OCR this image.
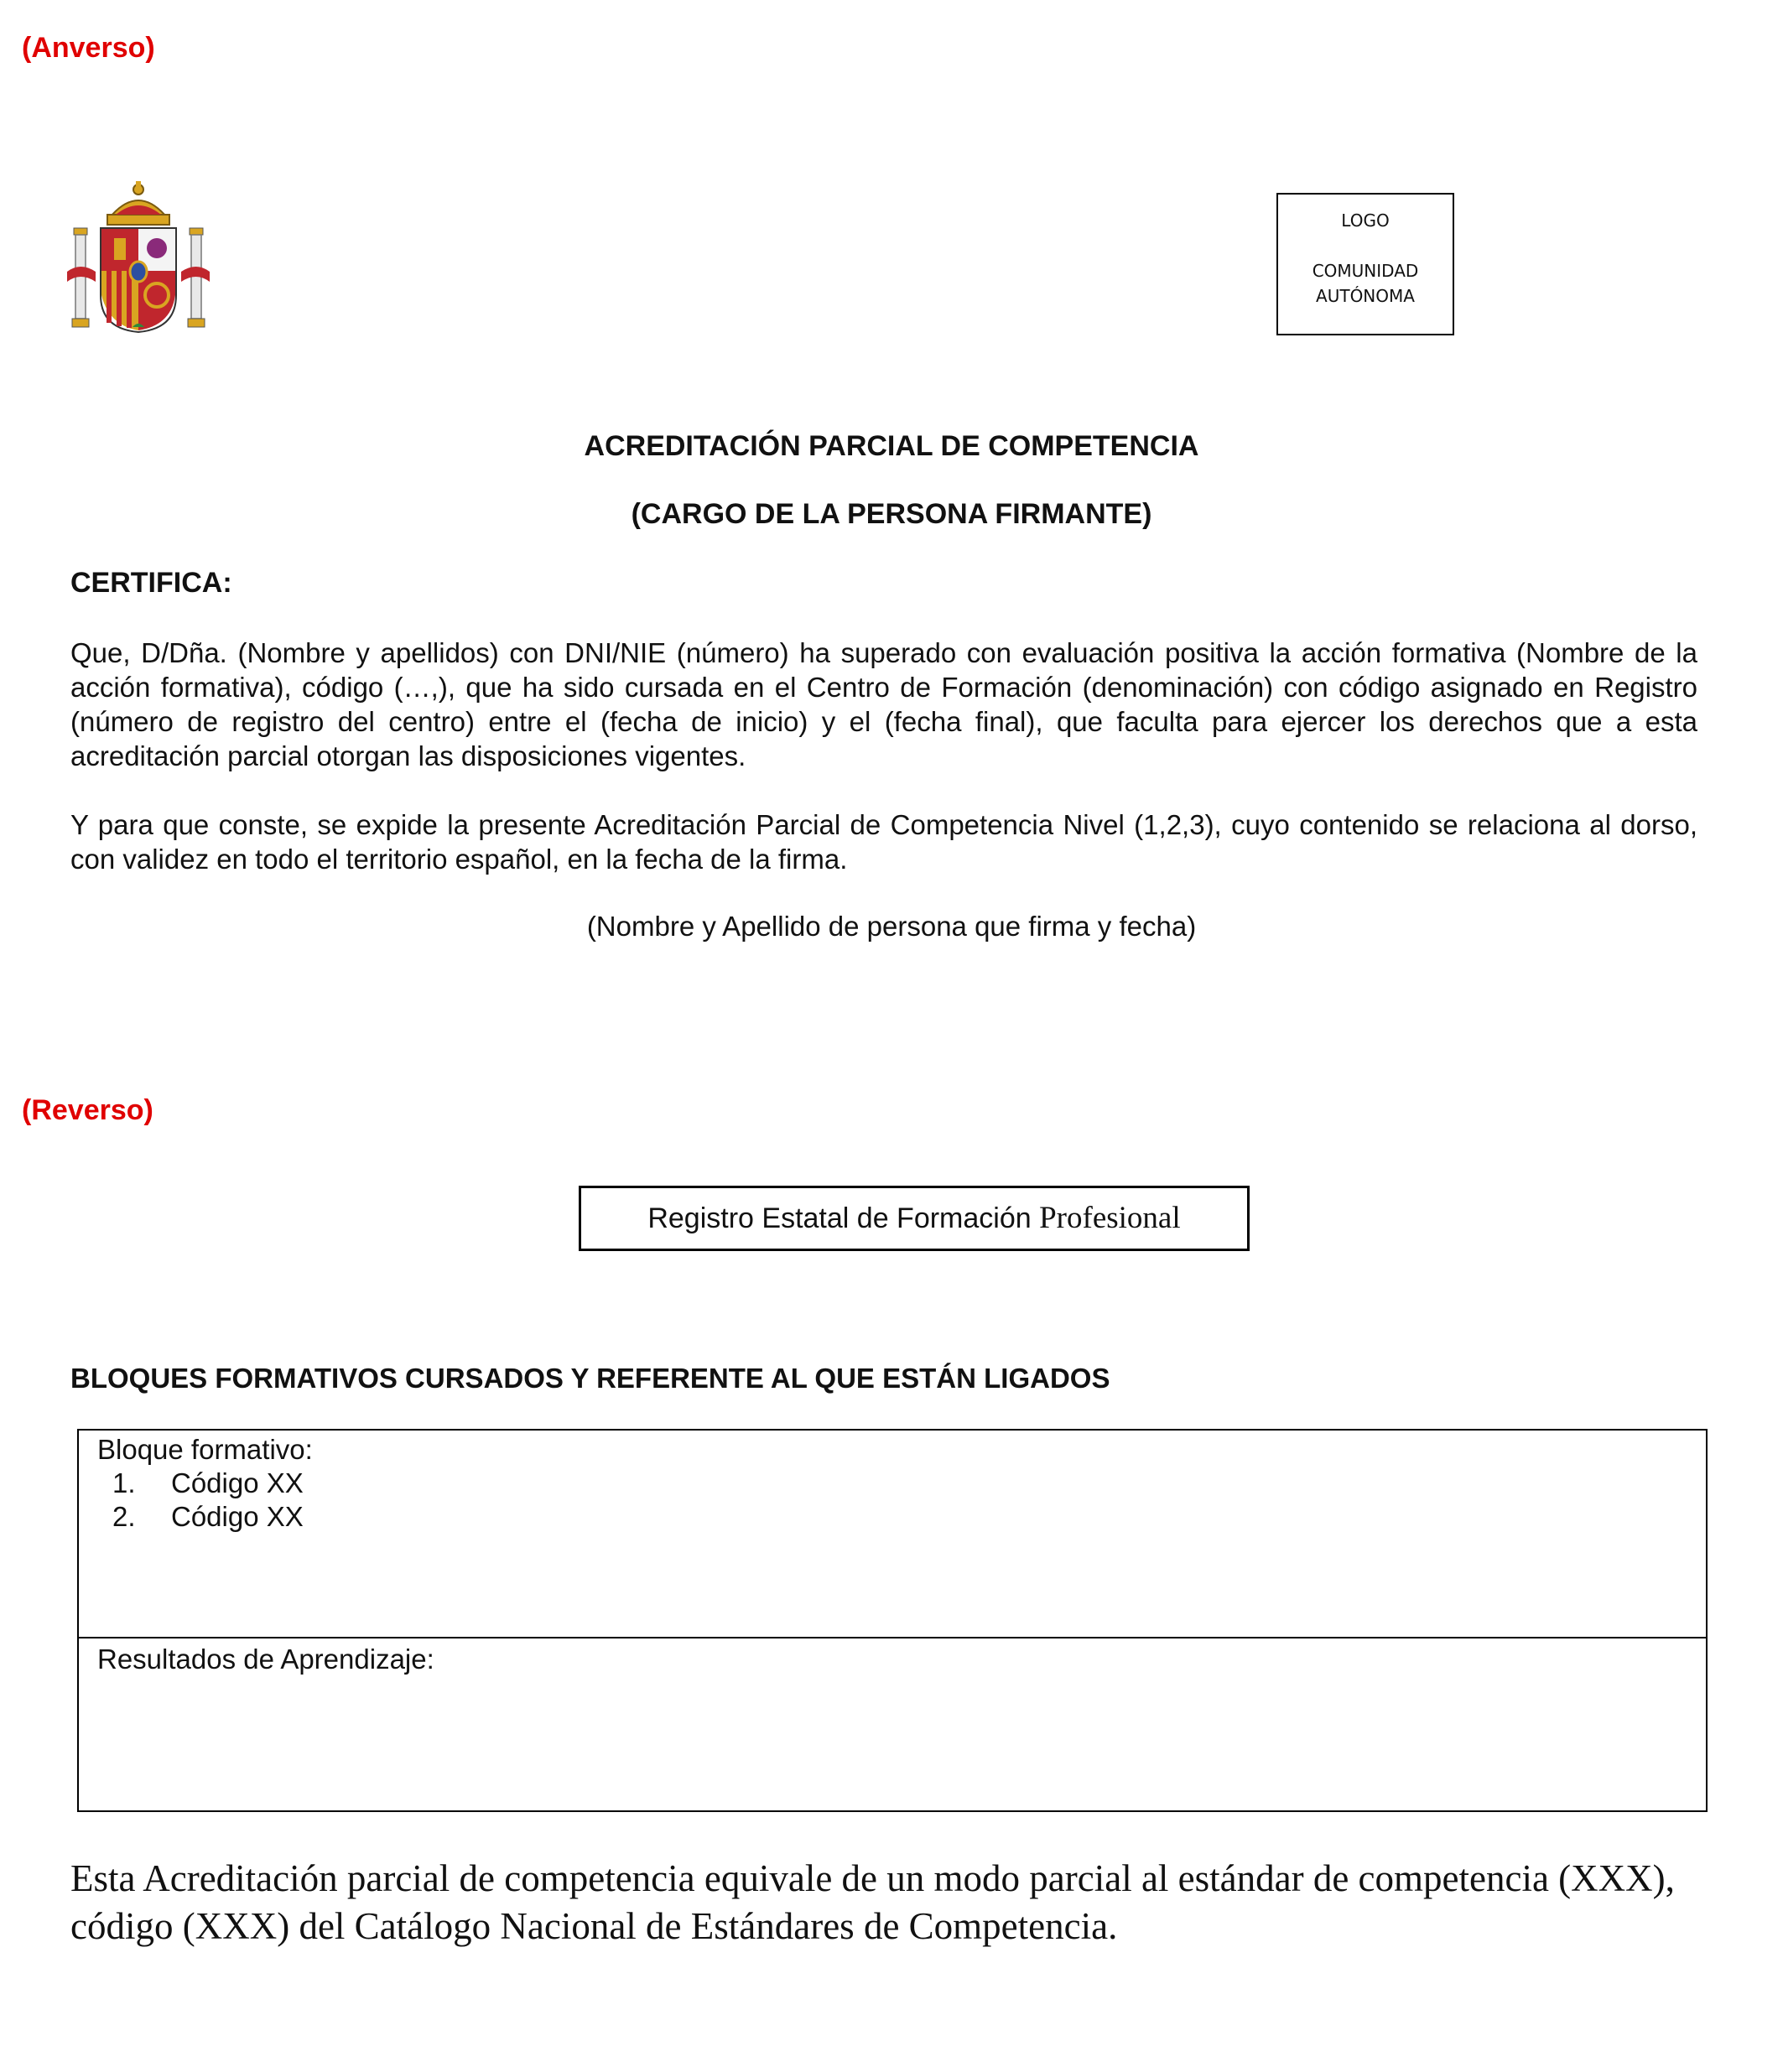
(Anverso)
LOGO
COMUNIDAD
AUTÓNOMA
ACREDITACIÓN PARCIAL DE COMPETENCIA
(CARGO DE LA PERSONA FIRMANTE)
CERTIFICA:
Que, D/Dña. (Nombre y apellidos) con DNI/NIE (número) ha superado con evaluación positiva la acción formativa (Nombre de la acción formativa), código (…,), que ha sido cursada en el Centro de Formación (denominación) con código asignado en Registro (número de registro del centro) entre el (fecha de inicio) y el (fecha final), que faculta para ejercer los derechos que a esta acreditación parcial otorgan las disposiciones vigentes.
Y para que conste, se expide la presente Acreditación Parcial de Competencia Nivel (1,2,3), cuyo contenido se relaciona al dorso, con validez en todo el territorio español, en la fecha de la firma.
(Nombre y Apellido de persona que firma y fecha)
(Reverso)
Registro Estatal de Formación Profesional
BLOQUES FORMATIVOS CURSADOS Y REFERENTE AL QUE ESTÁN LIGADOS
Bloque formativo:
1. Código XX
2. Código XX
Resultados de Aprendizaje:
Esta Acreditación parcial de competencia equivale de un modo parcial al estándar de competencia (XXX), código (XXX) del Catálogo Nacional de Estándares de Competencia.
